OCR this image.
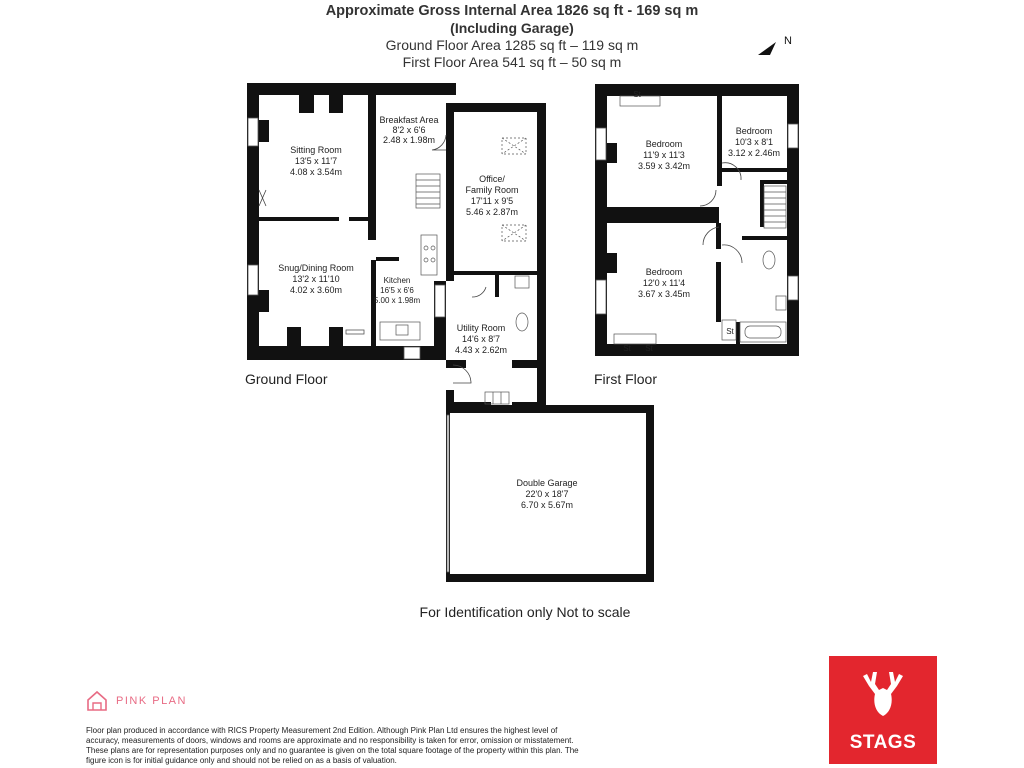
Approximate Gross Internal Area 1826 sq ft - 169 sq m
(Including Garage)
Ground Floor Area 1285 sq ft – 119 sq m
First Floor Area 541 sq ft – 50 sq m
N
Sitting Room
13'5 x 11'7
4.08 x 3.54m
Snug/Dining Room
13'2 x 11'10
4.02 x 3.60m
Breakfast Area
8'2 x 6'6
2.48 x 1.98m
Kitchen
16'5 x 6'6
5.00 x 1.98m
Office/
Family Room
17'11 x 9'5
5.46 x 2.87m
Utility Room
14'6 x 8'7
4.43 x 2.62m
Double Garage
22'0 x 18'7
6.70 x 5.67m
St
St St
St
Bedroom
11'9 x 11'3
3.59 x 3.42m
Bedroom
10'3 x 8'1
3.12 x 2.46m
Bedroom
12'0 x 11'4
3.67 x 3.45m
Ground Floor	First Floor
For Identification only Not to scale
PINK PLAN
Floor plan produced in accordance with RICS Property Measurement 2nd Edition. Although Pink Plan Ltd ensures the highest level of accuracy, measurements of doors, windows and rooms are approximate and no responsibility is taken for error, omission or misstatement. These plans are for representation purposes only and no guarantee is given on the total square footage of the property within this plan. The figure icon is for initial guidance only and should not be relied on as a basis of valuation.
STAGS
